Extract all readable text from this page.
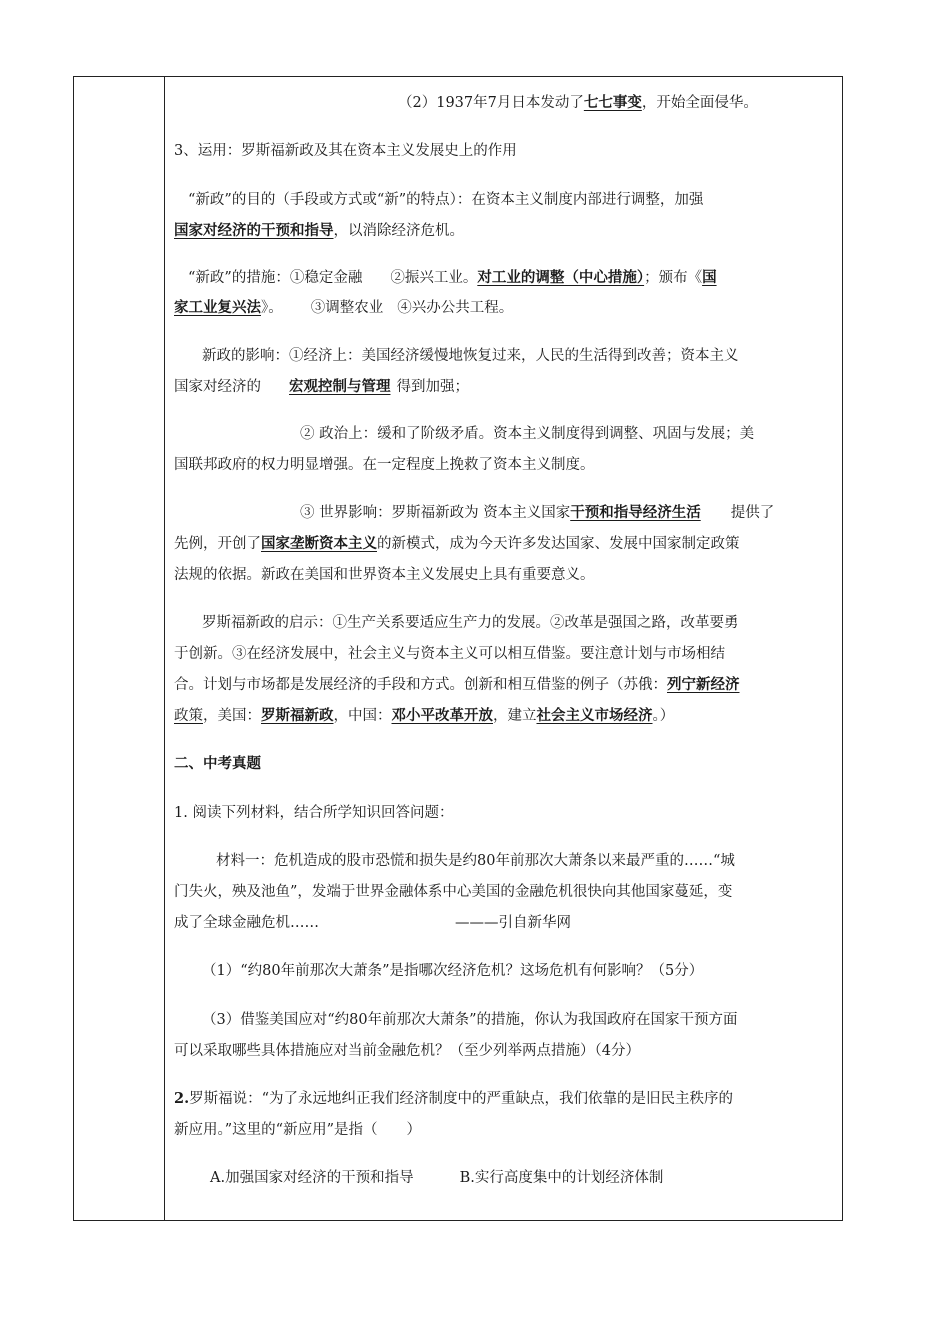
（2）1937年7月日本发动了七七事变，开始全面侵华。
3、运用：罗斯福新政及其在资本主义发展史上的作用
“新政”的目的（手段或方式或“新”的特点）：在资本主义制度内部进行调整，加强
国家对经济的干预和指导，以消除经济危机。
“新政”的措施：①稳定金融 ②振兴工业。对工业的调整（中心措施）；颁布《国
家工业复兴法》。 ③调整农业 ④兴办公共工程。
新政的影响：①经济上：美国经济缓慢地恢复过来，人民的生活得到改善；资本主义
国家对经济的 宏观控制与管理 得到加强；
② 政治上：缓和了阶级矛盾。资本主义制度得到调整、巩固与发展；美
国联邦政府的权力明显增强。在一定程度上挽救了资本主义制度。
③ 世界影响：罗斯福新政为 资本主义国家干预和指导经济生活 提供了
先例，开创了国家垄断资本主义的新模式，成为今天许多发达国家、发展中国家制定政策
法规的依据。新政在美国和世界资本主义发展史上具有重要意义。
罗斯福新政的启示：①生产关系要适应生产力的发展。②改革是强国之路，改革要勇
于创新。③在经济发展中，社会主义与资本主义可以相互借鉴。要注意计划与市场相结
合。计划与市场都是发展经济的手段和方式。创新和相互借鉴的例子（苏俄：列宁新经济
政策，美国：罗斯福新政，中国：邓小平改革开放，建立社会主义市场经济。）
二、中考真题
1. 阅读下列材料，结合所学知识回答问题：
材料一：危机造成的股市恐慌和损失是约80年前那次大萧条以来最严重的……“城
门失火，殃及池鱼”，发端于世界金融体系中心美国的金融危机很快向其他国家蔓延，变
成了全球金融危机……	———引自新华网
（1）“约80年前那次大萧条”是指哪次经济危机？这场危机有何影响？（5分）
（3）借鉴美国应对“约80年前那次大萧条”的措施，你认为我国政府在国家干预方面
可以采取哪些具体措施应对当前金融危机？（至少列举两点措施）（4分）
2.罗斯福说：“为了永远地纠正我们经济制度中的严重缺点，我们依靠的是旧民主秩序的
新应用。”这里的“新应用”是指（　　）
A.加强国家对经济的干预和指导	B.实行高度集中的计划经济体制
